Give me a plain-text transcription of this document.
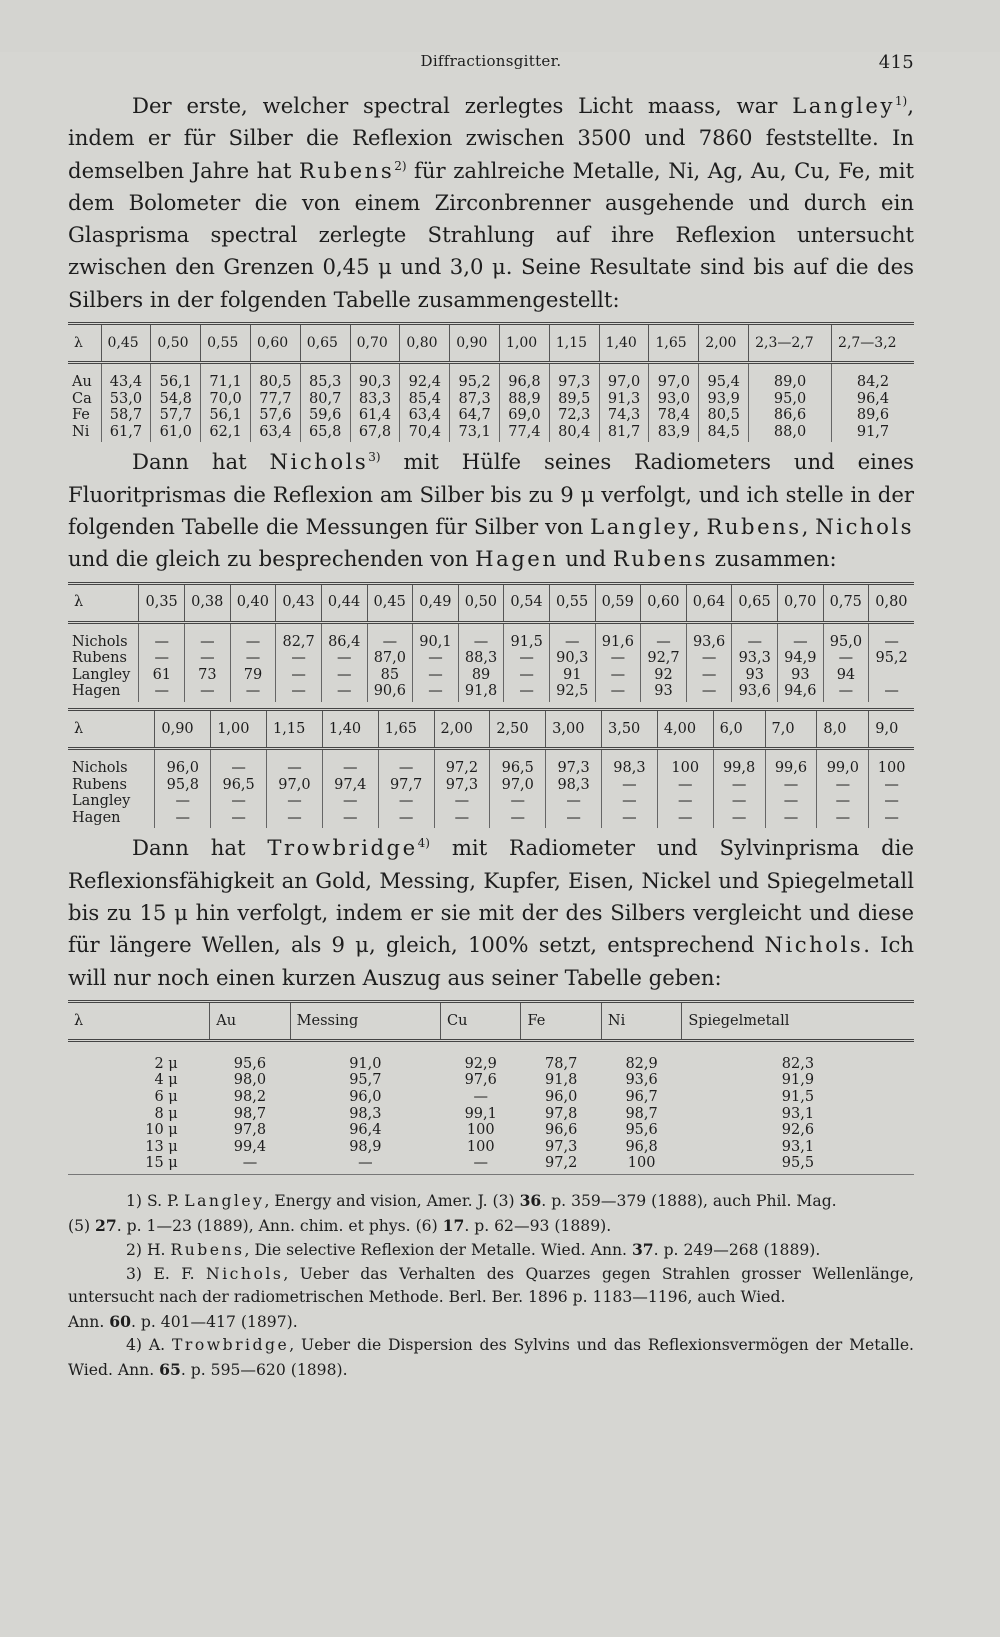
Diffractionsgitter.	415

Der erste, welcher spectral zerlegtes Licht maass, war Langley$^{1)}$, indem er für Silber die Reflexion zwischen 3500 und 7860 feststellte. In demselben Jahre hat Rubens$^{2)}$ für zahlreiche Metalle, Ni, Ag, Au, Cu, Fe, mit dem Bolometer die von einem Zirconbrenner ausgehende und durch ein Glasprisma spectral zerlegte Strahlung auf ihre Reflexion untersucht zwischen den Grenzen 0,45 μ und 3,0 μ. Seine Resultate sind bis auf die des Silbers in der folgenden Tabelle zusammengestellt:

λ	0,45	0,50	0,55	0,60	0,65	0,70	0,80	0,90	1,00	1,15	1,40	1,65	2,00	2,3—2,7	2,7—3,2
Au	43,4	56,1	71,1	80,5	85,3	90,3	92,4	95,2	96,8	97,3	97,0	97,0	95,4	89,0	84,2
Ca	53,0	54,8	70,0	77,7	80,7	83,3	85,4	87,3	88,9	89,5	91,3	93,0	93,9	95,0	96,4
Fe	58,7	57,7	56,1	57,6	59,6	61,4	63,4	64,7	69,0	72,3	74,3	78,4	80,5	86,6	89,6
Ni	61,7	61,0	62,1	63,4	65,8	67,8	70,4	73,1	77,4	80,4	81,7	83,9	84,5	88,0	91,7

Dann hat Nichols$^{3)}$ mit Hülfe seines Radiometers und eines Fluoritprismas die Reflexion am Silber bis zu 9 μ verfolgt, und ich stelle in der folgenden Tabelle die Messungen für Silber von Langley, Rubens, Nichols und die gleich zu besprechenden von Hagen und Rubens zusammen:

λ	0,35	0,38	0,40	0,43	0,44	0,45	0,49	0,50	0,54	0,55	0,59	0,60	0,64	0,65	0,70	0,75	0,80
Nichols	—	—	—	82,7	86,4	—	90,1	—	91,5	—	91,6	—	93,6	—	—	95,0	—
Rubens	—	—	—	—	—	87,0	—	88,3	—	90,3	—	92,7	—	93,3	94,9	—	95,2
Langley	61	73	79	—	—	85	—	89	—	91	—	92	—	93	93	94	
Hagen	—	—	—	—	—	90,6	—	91,8	—	92,5	—	93	—	93,6	94,6	—	—
λ	0,90	1,00	1,15	1,40	1,65	2,00	2,50	3,00	3,50	4,00	6,0	7,0	8,0	9,0
Nichols	96,0	—	—	—	—	97,2	96,5	97,3	98,3	100	99,8	99,6	99,0	100
Rubens	95,8	96,5	97,0	97,4	97,7	97,3	97,0	98,3	—	—	—	—	—	—
Langley	—	—	—	—	—	—	—	—	—	—	—	—	—	—
Hagen	—	—	—	—	—	—	—	—	—	—	—	—	—	—

Dann hat Trowbridge$^{4)}$ mit Radiometer und Sylvinprisma die Reflexionsfähigkeit an Gold, Messing, Kupfer, Eisen, Nickel und Spiegelmetall bis zu 15 μ hin verfolgt, indem er sie mit der des Silbers vergleicht und diese für längere Wellen, als 9 μ, gleich, 100% setzt, entsprechend Nichols. Ich will nur noch einen kurzen Auszug aus seiner Tabelle geben:

λ	Au	Messing	Cu	Fe	Ni	Spiegelmetall
2 μ	95,6	91,0	92,9	78,7	82,9	82,3
4 μ	98,0	95,7	97,6	91,8	93,6	91,9
6 μ	98,2	96,0	—	96,0	96,7	91,5
8 μ	98,7	98,3	99,1	97,8	98,7	93,1
10 μ	97,8	96,4	100	96,6	95,6	92,6
13 μ	99,4	98,9	100	97,3	96,8	93,1
15 μ	—	—	—	97,2	100	95,5

1) S. P. Langley, Energy and vision, Amer. J. (3) 36. p. 359—379 (1888), auch Phil. Mag.

(5) 27. p. 1—23 (1889), Ann. chim. et phys. (6) 17. p. 62—93 (1889).

2) H. Rubens, Die selective Reflexion der Metalle. Wied. Ann. 37. p. 249—268 (1889).

3) E. F. Nichols, Ueber das Verhalten des Quarzes gegen Strahlen grosser Wellenlänge, untersucht nach der radiometrischen Methode. Berl. Ber. 1896 p. 1183—1196, auch Wied.

Ann. 60. p. 401—417 (1897).

4) A. Trowbridge, Ueber die Dispersion des Sylvins und das Reflexionsvermögen der Metalle. Wied. Ann. 65. p. 595—620 (1898).
